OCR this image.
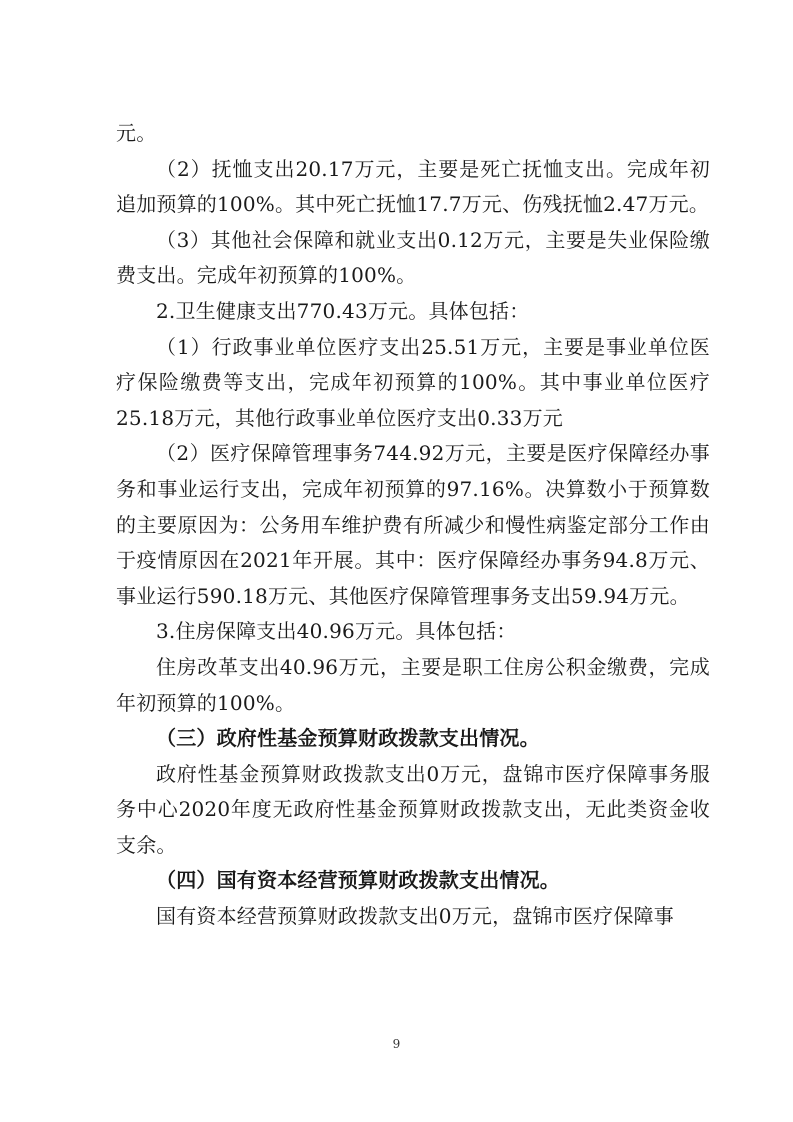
元。

（2）抚恤支出20.17万元，主要是死亡抚恤支出。完成年初追加预算的100%。其中死亡抚恤17.7万元、伤残抚恤2.47万元。

（3）其他社会保障和就业支出0.12万元，主要是失业保险缴费支出。完成年初预算的100%。

2.卫生健康支出770.43万元。具体包括：

（1）行政事业单位医疗支出25.51万元，主要是事业单位医疗保险缴费等支出，完成年初预算的100%。其中事业单位医疗25.18万元，其他行政事业单位医疗支出0.33万元

（2）医疗保障管理事务744.92万元，主要是医疗保障经办事务和事业运行支出，完成年初预算的97.16%。决算数小于预算数的主要原因为：公务用车维护费有所减少和慢性病鉴定部分工作由于疫情原因在2021年开展。其中：医疗保障经办事务94.8万元、事业运行590.18万元、其他医疗保障管理事务支出59.94万元。

3.住房保障支出40.96万元。具体包括：

住房改革支出40.96万元，主要是职工住房公积金缴费，完成年初预算的100%。

（三）政府性基金预算财政拨款支出情况。

政府性基金预算财政拨款支出0万元，盘锦市医疗保障事务服务中心2020年度无政府性基金预算财政拨款支出，无此类资金收支余。

（四）国有资本经营预算财政拨款支出情况。

国有资本经营预算财政拨款支出0万元，盘锦市医疗保障事

9
